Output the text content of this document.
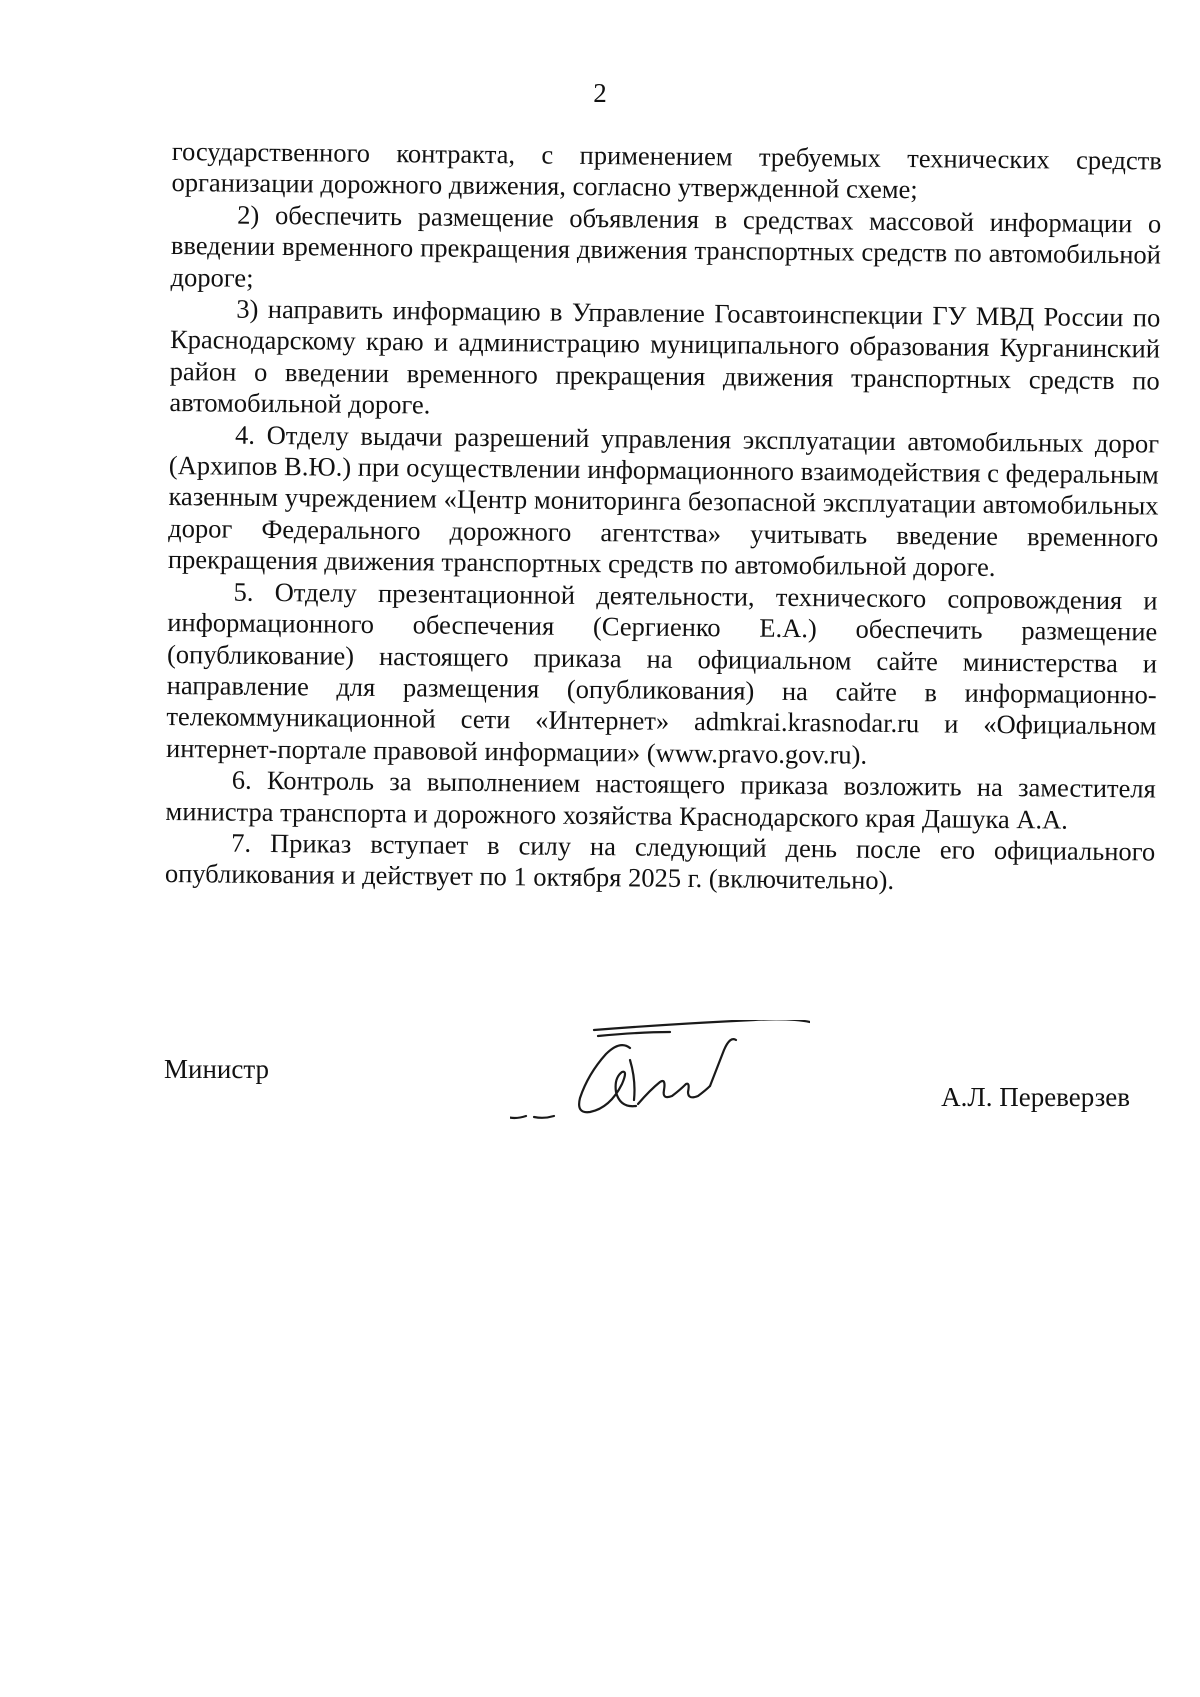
2

государственного контракта, с применением требуемых технических средств организации дорожного движения, согласно утвержденной схеме;

2) обеспечить размещение объявления в средствах массовой информации о введении временного прекращения движения транспортных средств по автомобильной дороге;

3) направить информацию в Управление Госавтоинспекции ГУ МВД России по Краснодарскому краю и администрацию муниципального образования Курганинский район о введении временного прекращения движения транспортных средств по автомобильной дороге.

4. Отделу выдачи разрешений управления эксплуатации автомобильных дорог (Архипов В.Ю.) при осуществлении информационного взаимодействия с федеральным казенным учреждением «Центр мониторинга безопасной эксплуатации автомобильных дорог Федерального дорожного агентства» учитывать введение временного прекращения движения транспортных средств по автомобильной дороге.

5. Отделу презентационной деятельности, технического сопровождения и информационного обеспечения (Сергиенко Е.А.) обеспечить размещение (опубликование) настоящего приказа на официальном сайте министерства и направление для размещения (опубликования) на сайте в информационно-телекоммуникационной сети «Интернет» admkrai.krasnodar.ru и «Официальном интернет-портале правовой информации» (www.pravo.gov.ru).

6. Контроль за выполнением настоящего приказа возложить на заместителя министра транспорта и дорожного хозяйства Краснодарского края Дашука А.А.

7. Приказ вступает в силу на следующий день после его официального опубликования и действует по 1 октября 2025 г. (включительно).

Министр
А.Л. Переверзев
